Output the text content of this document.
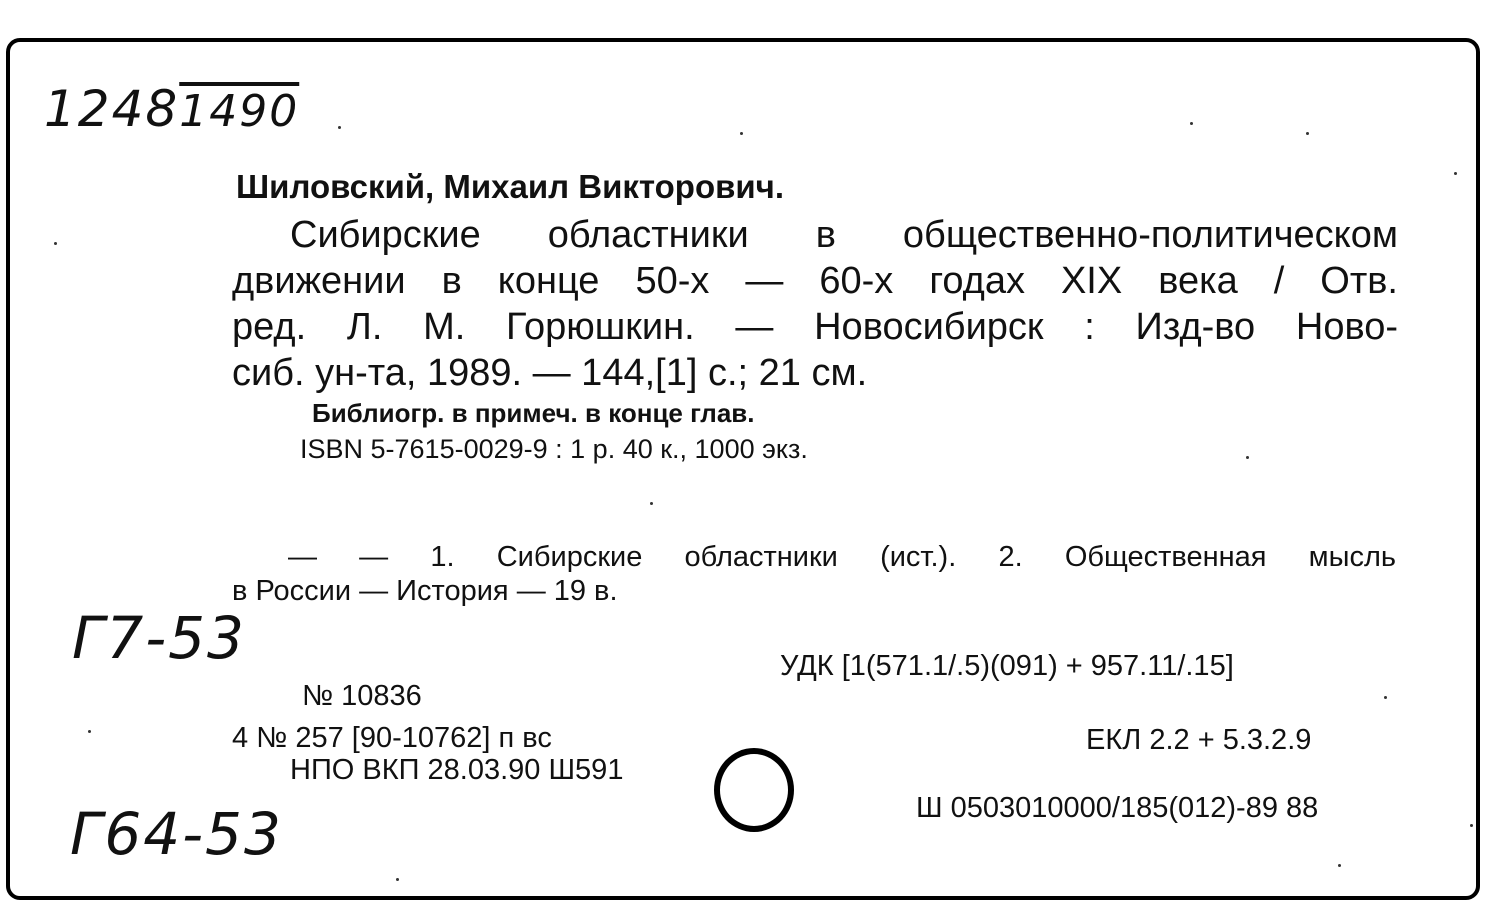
12481490
Шиловский, Михаил Викторович.
Сибирские областники в общественно-политическом
движении в конце 50-х — 60-х годах XIX века / Отв.
ред. Л. М. Горюшкин. — Новосибирск : Изд-во Ново-
сиб. ун-та, 1989. — 144,[1] с.; 21 см.
Библиогр. в примеч. в конце глав.
ISBN 5-7615-0029-9 : 1 р. 40 к., 1000 экз.
— — 1. Сибирские областники (ист.). 2. Общественная мысль
в России — История — 19 в.
Г7-53
Г64-53
УДК [1(571.1/.5)(091) + 957.11/.15]
ЕКЛ 2.2 + 5.3.2.9
Ш 0503010000/185(012)-89 88
№ 10836
4 № 257 [90-10762] п вс
НПО ВКП 28.03.90 Ш591
